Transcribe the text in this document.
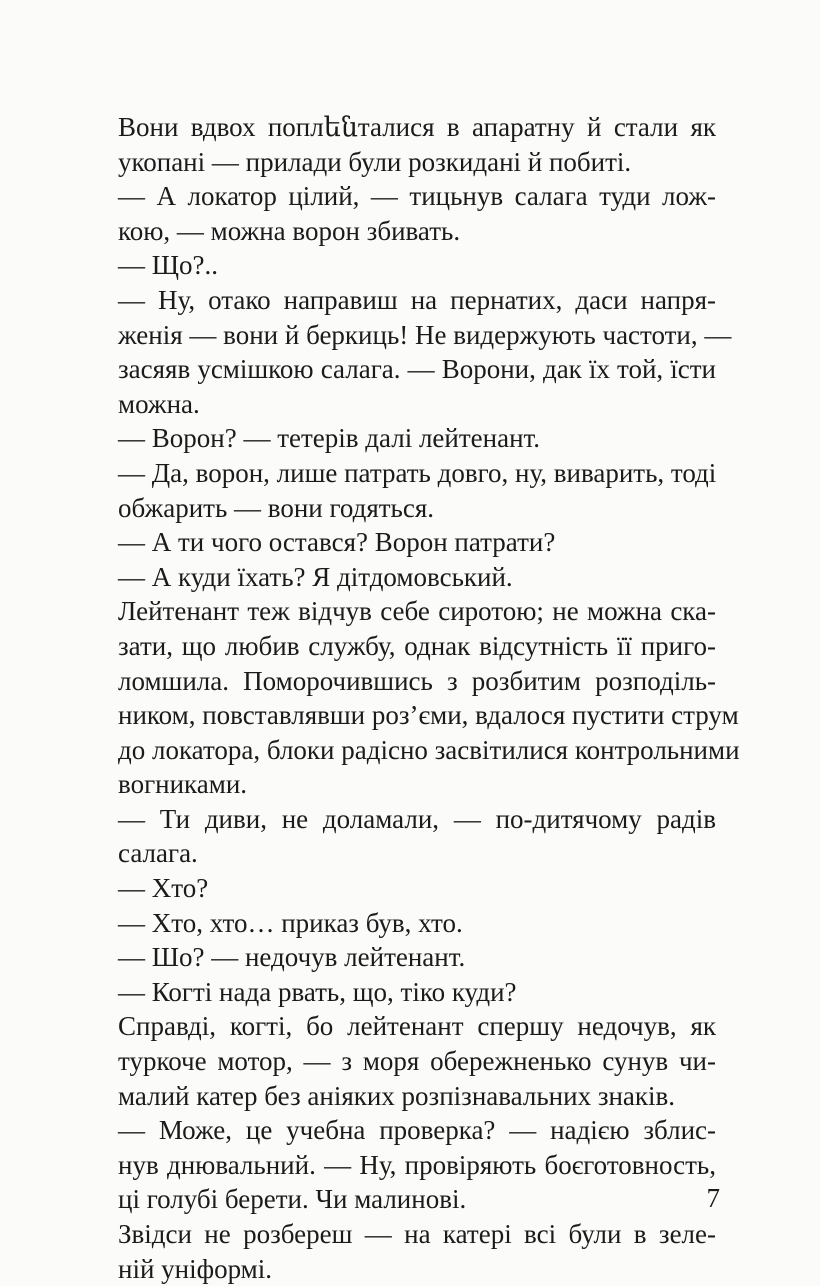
Вони вдвох поплենталися в апаратну й стали як
укопані — прилади були розкидані й побиті.
— А локатор цілий, — тицьнув салага туди лож-
кою, — можна ворон збивать.
— Що?..
— Ну, отако направиш на пернатих, даси напря-
женія — вони й беркиць! Не видержують частоти, —
засяяв усмішкою салага. — Ворони, дак їх той, їсти
можна.
— Ворон? — тетерів далі лейтенант.
— Да, ворон, лише патрать довго, ну, виварить, тоді
обжарить — вони годяться.
— А ти чого остався? Ворон патрати?
— А куди їхать? Я дітдомовський.
Лейтенант теж відчув себе сиротою; не можна ска-
зати, що любив службу, однак відсутність її приго-
ломшила. Поморочившись з розбитим розподіль-
ником, повставлявши роз’єми, вдалося пустити струм
до локатора, блоки радісно засвітилися контрольними
вогниками.
— Ти диви, не доламали, — по-дитячому радів
салага.
— Хто?
— Хто, хто… приказ був, хто.
— Шо? — недочув лейтенант.
— Когті нада рвать, що, тіко куди?
Справді, когті, бо лейтенант спершу недочув, як
туркоче мотор, — з моря обережненько сунув чи-
малий катер без аніяких розпізнавальних знаків.
— Може, це учебна проверка? — надією зблис-
нув днювальний. — Ну, провіряють боєготовность,
ці голубі берети. Чи малинові.
Звідси не розбереш — на катері всі були в зеле-
ній уніформі.
7
